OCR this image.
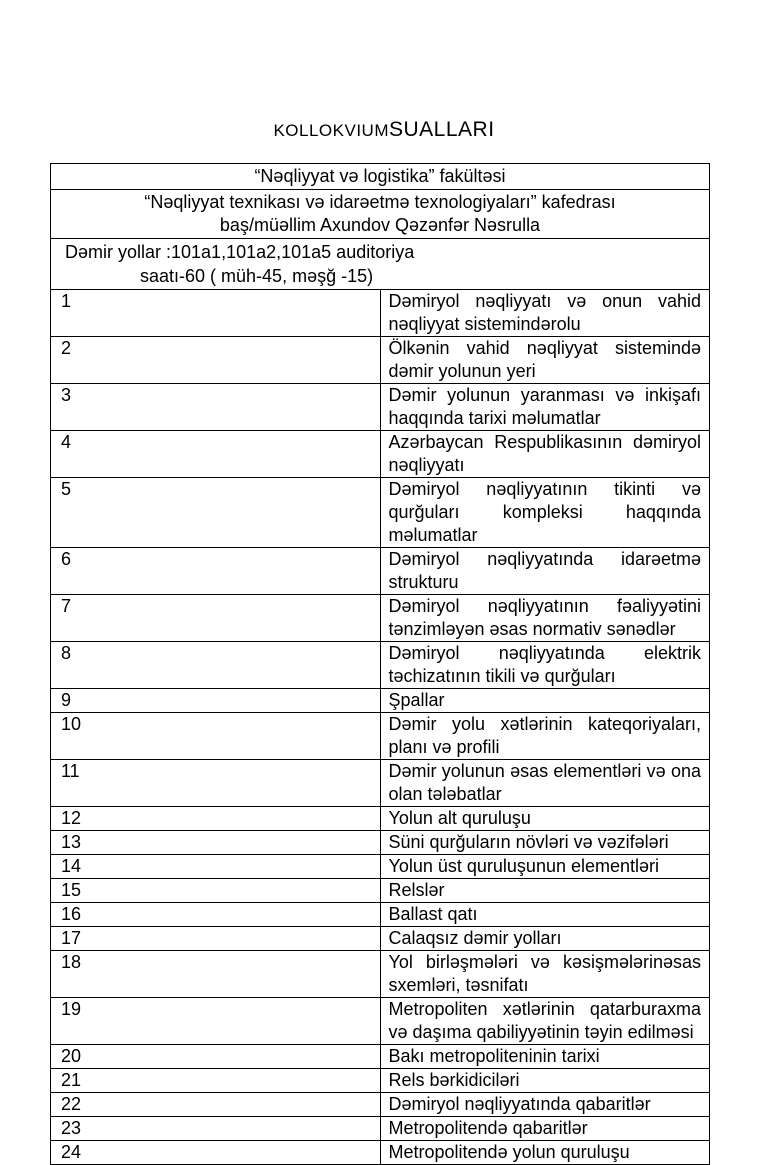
KOLLOKVIUMSUALLARI
“Nəqliyyat və logistika” fakültəsi	

“Nəqliyyat texnikası və idarəetmə texnologiyaları” kafedrası
baş/müəllim Axundov Qəzənfər Nəsrulla	

Dəmir yollar :101a1,101a2,101a5 auditoriya
saatı-60 ( müh-45, məşğ -15)	

1	Dəmiryol nəqliyyatı və onun vahid nəqliyyat sistemindərolu
2	Ölkənin vahid nəqliyyat sistemində dəmir yolunun yeri
3	Dəmir yolunun yaranması və inkişafı haqqında tarixi məlumatlar
4	Azərbaycan Respublikasının dəmiryol nəqliyyatı
5	Dəmiryol nəqliyyatının tikinti və qurğuları kompleksi haqqında məlumatlar
6	Dəmiryol nəqliyyatında idarəetmə strukturu
7	Dəmiryol nəqliyyatının fəaliyyətini tənzimləyən əsas normativ sənədlər
8	Dəmiryol nəqliyyatında elektrik təchizatının tikili və qurğuları
9	Şpallar
10	Dəmir yolu xətlərinin kateqoriyaları, planı və profili
11	Dəmir yolunun əsas elementləri və ona olan tələbatlar
12	Yolun alt quruluşu
13	Süni qurğuların növləri və vəzifələri
14	Yolun üst quruluşunun elementləri
15	Relslər
16	Ballast qatı
17	Calaqsız dəmir yolları
18	Yol birləşmələri və kəsişmələrinəsas sxemləri, təsnifatı
19	Metropoliten xətlərinin qatarburaxma və daşıma qabiliyyətinin təyin edilməsi
20	Bakı metropoliteninin tarixi
21	Rels bərkidiciləri
22	Dəmiryol nəqliyyatında qabaritlər
23	Metropolitendə qabaritlər
24	Metropolitendə yolun quruluşu
